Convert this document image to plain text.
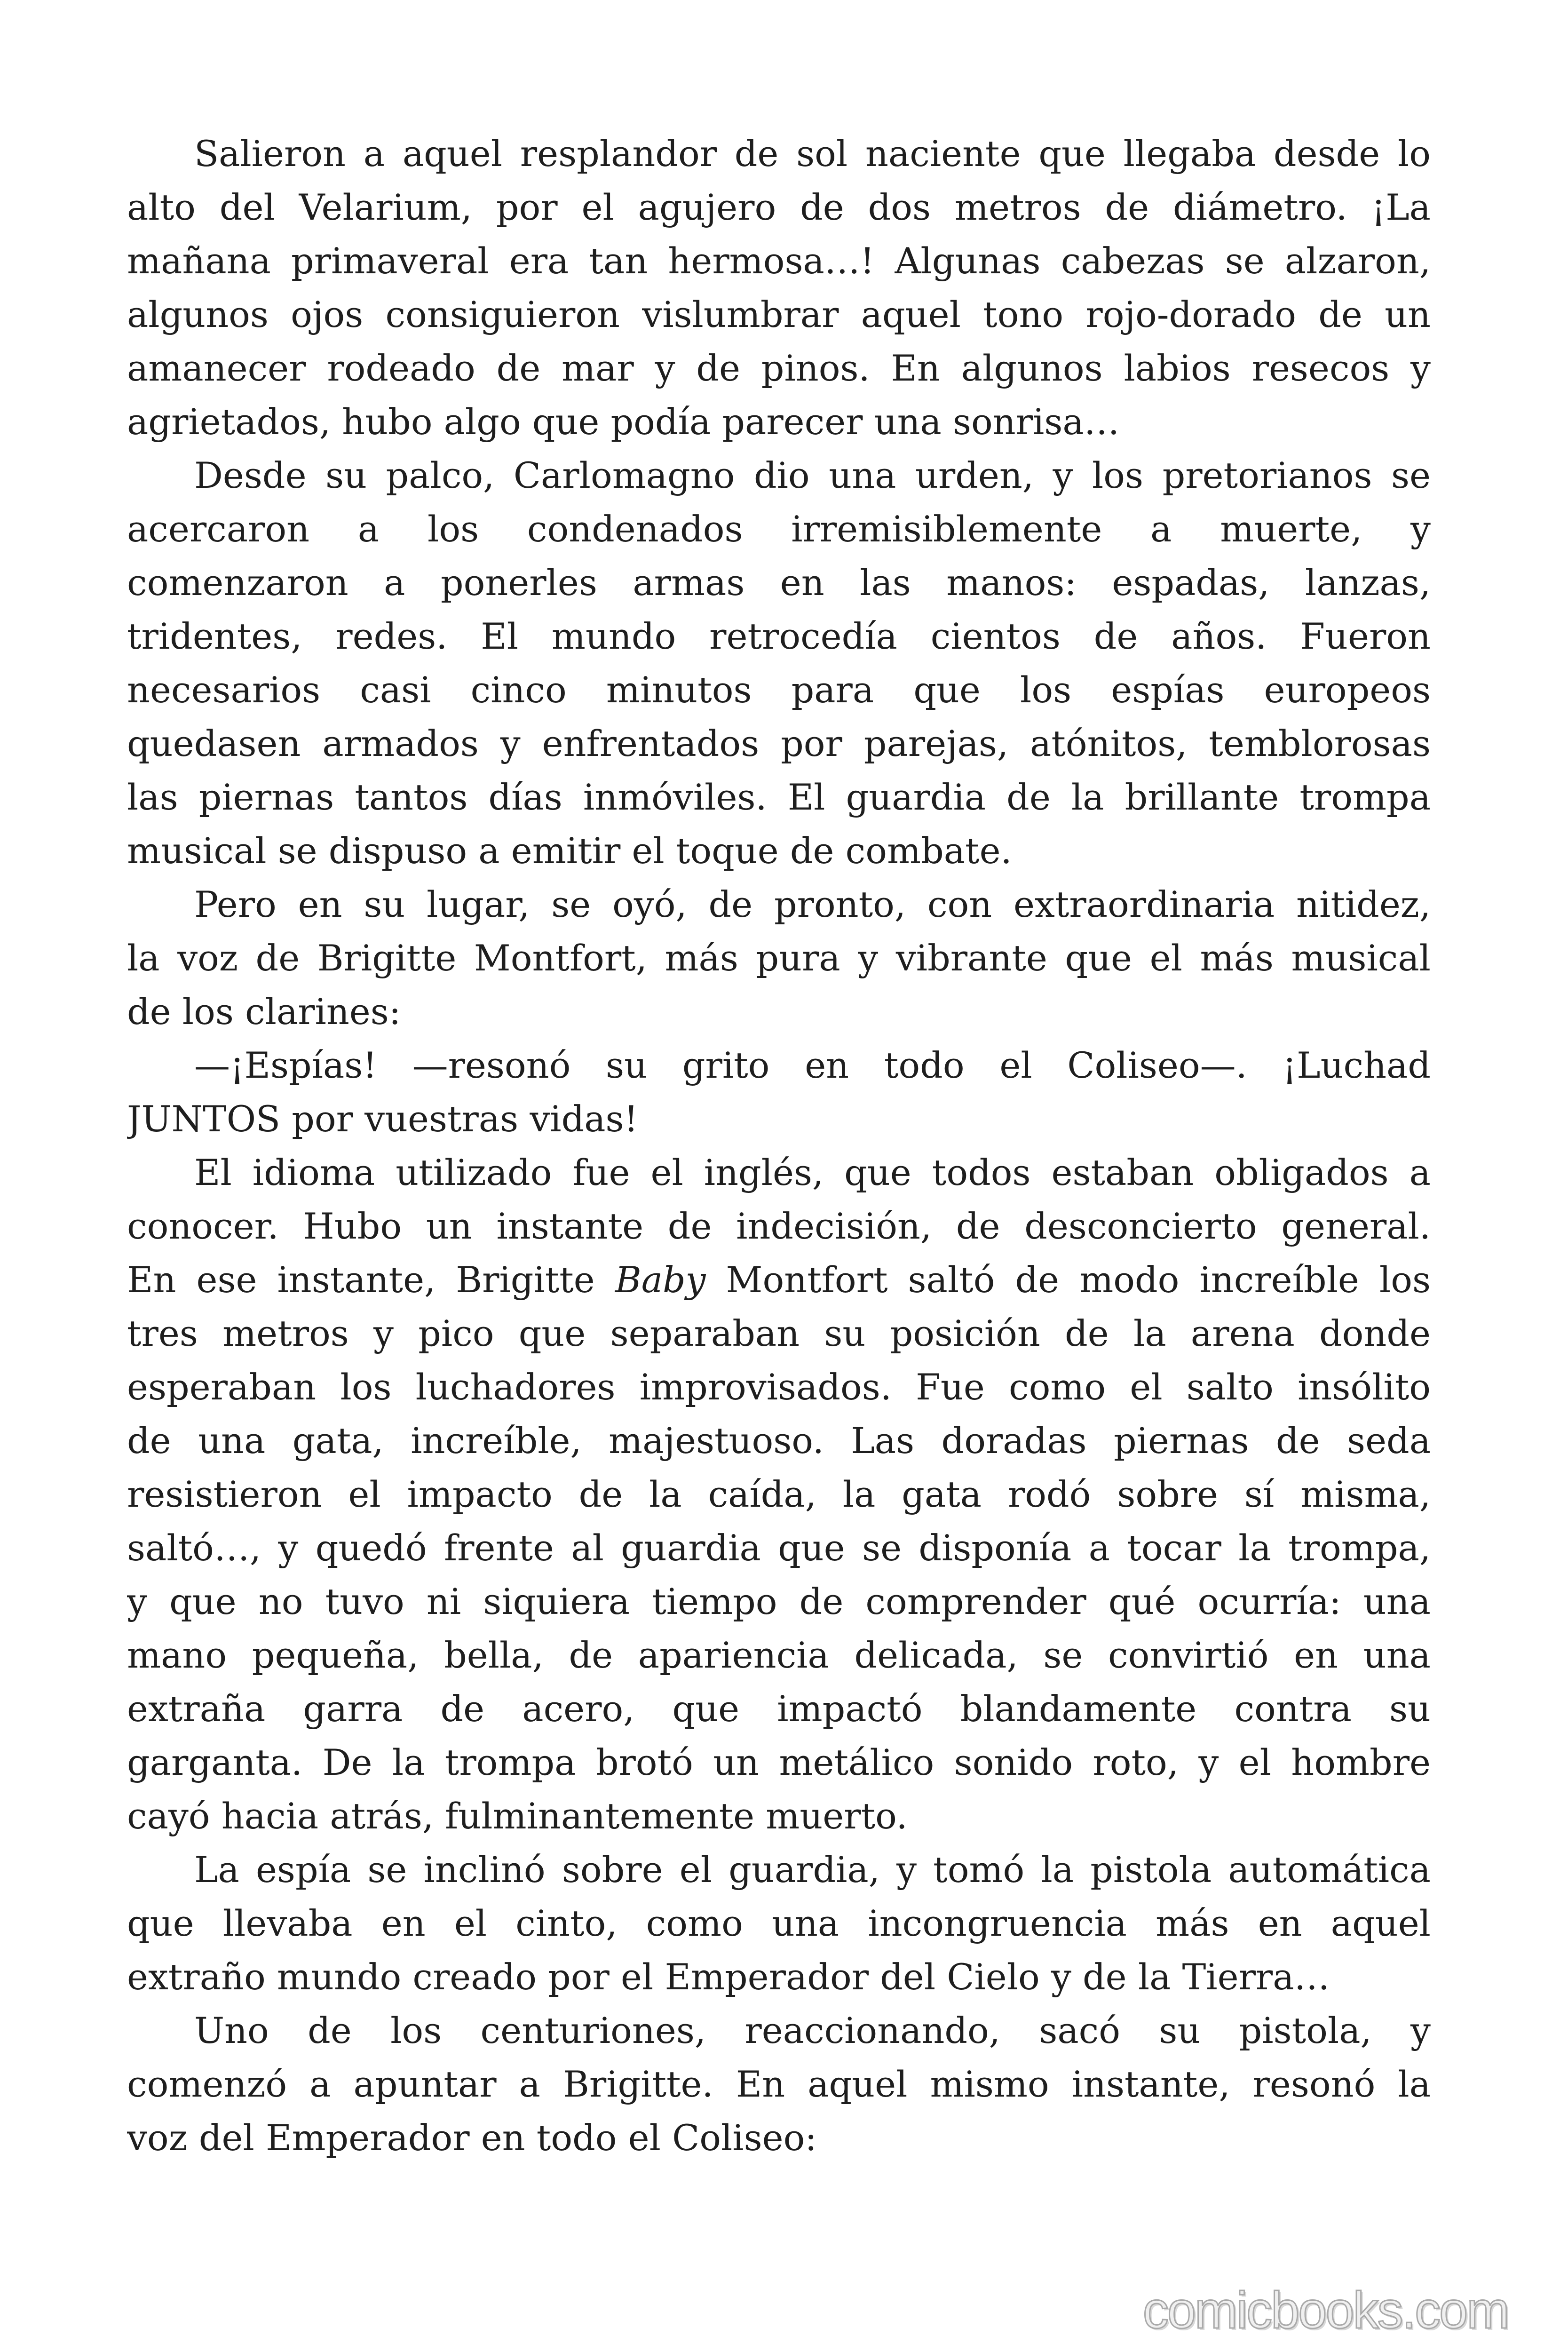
Salieron a aquel resplandor de sol naciente que llegaba desde lo
alto del Velarium, por el agujero de dos metros de diámetro. ¡La
mañana primaveral era tan hermosa…! Algunas cabezas se alzaron,
algunos ojos consiguieron vislumbrar aquel tono rojo-dorado de un
amanecer rodeado de mar y de pinos. En algunos labios resecos y
agrietados, hubo algo que podía parecer una sonrisa…
Desde su palco, Carlomagno dio una urden, y los pretorianos se
acercaron a los condenados irremisiblemente a muerte, y
comenzaron a ponerles armas en las manos: espadas, lanzas,
tridentes, redes. El mundo retrocedía cientos de años. Fueron
necesarios casi cinco minutos para que los espías europeos
quedasen armados y enfrentados por parejas, atónitos, temblorosas
las piernas tantos días inmóviles. El guardia de la brillante trompa
musical se dispuso a emitir el toque de combate.
Pero en su lugar, se oyó, de pronto, con extraordinaria nitidez,
la voz de Brigitte Montfort, más pura y vibrante que el más musical
de los clarines:
—¡Espías! —resonó su grito en todo el Coliseo—. ¡Luchad
JUNTOS por vuestras vidas!
El idioma utilizado fue el inglés, que todos estaban obligados a
conocer. Hubo un instante de indecisión, de desconcierto general.
En ese instante, Brigitte Baby Montfort saltó de modo increíble los
tres metros y pico que separaban su posición de la arena donde
esperaban los luchadores improvisados. Fue como el salto insólito
de una gata, increíble, majestuoso. Las doradas piernas de seda
resistieron el impacto de la caída, la gata rodó sobre sí misma,
saltó…, y quedó frente al guardia que se disponía a tocar la trompa,
y que no tuvo ni siquiera tiempo de comprender qué ocurría: una
mano pequeña, bella, de apariencia delicada, se convirtió en una
extraña garra de acero, que impactó blandamente contra su
garganta. De la trompa brotó un metálico sonido roto, y el hombre
cayó hacia atrás, fulminantemente muerto.
La espía se inclinó sobre el guardia, y tomó la pistola automática
que llevaba en el cinto, como una incongruencia más en aquel
extraño mundo creado por el Emperador del Cielo y de la Tierra…
Uno de los centuriones, reaccionando, sacó su pistola, y
comenzó a apuntar a Brigitte. En aquel mismo instante, resonó la
voz del Emperador en todo el Coliseo:
comicbooks.com
